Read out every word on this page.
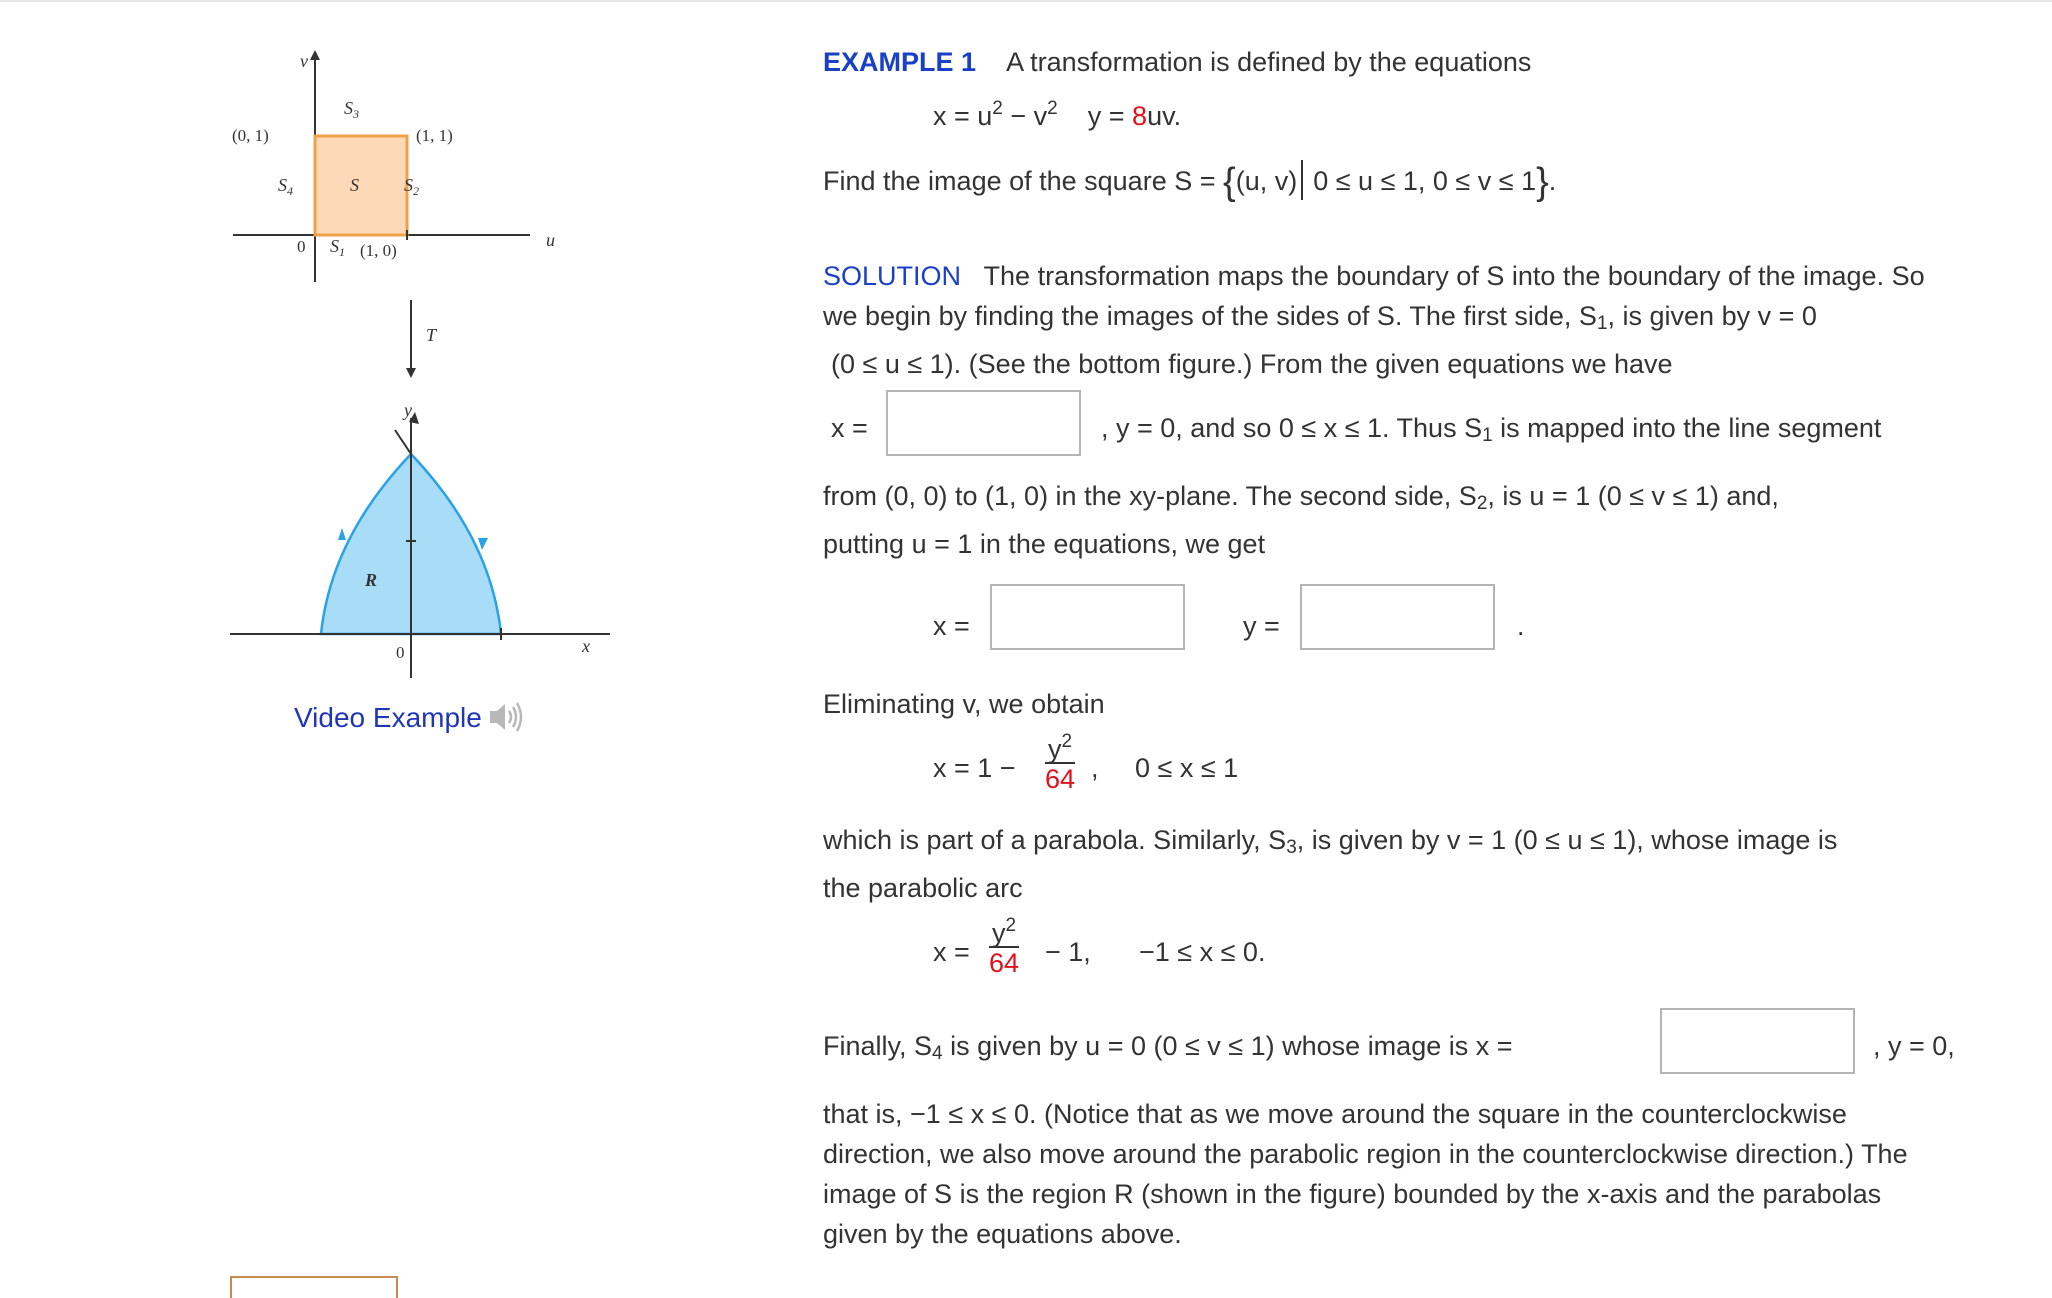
v
u
(0, 1)	(1, 1)
(1, 0)
0
S	$S_2$
$S_4$
$S_3$
$S_1$
T
y
x
R
0
Video Example
EXAMPLE 1 A transformation is defined by the equations
$x = u^2 - v^2$ y = 8uv.
Find the image of the square S = {(u, v) 0 ≤ u ≤ 1, 0 ≤ v ≤ 1}.
SOLUTION The transformation maps the boundary of S into the boundary of the image. So
we begin by finding the images of the sides of S. The first side, $S_1$, is given by v = 0
(0 ≤ u ≤ 1). (See the bottom figure.) From the given equations we have
x =	, y = 0, and so 0 ≤ x ≤ 1. Thus $S_1$ is mapped into the line segment
from (0, 0) to (1, 0) in the xy-plane. The second side, $S_2$, is u = 1 (0 ≤ v ≤ 1) and,
putting u = 1 in the equations, we get
x =	y =	.
Eliminating v, we obtain
$x = 1 - \frac{y^2}{64}$ , 0 ≤ x ≤ 1
which is part of a parabola. Similarly, $S_3$, is given by v = 1 (0 ≤ u ≤ 1), whose image is
the parabolic arc
$x = \frac{y^2}{64} - 1$, −1 ≤ x ≤ 0.
Finally, $S_4$ is given by u = 0 (0 ≤ v ≤ 1) whose image is x =	, y = 0,
that is, −1 ≤ x ≤ 0. (Notice that as we move around the square in the counterclockwise
direction, we also move around the parabolic region in the counterclockwise direction.) The
image of S is the region R (shown in the figure) bounded by the x-axis and the parabolas
given by the equations above.
